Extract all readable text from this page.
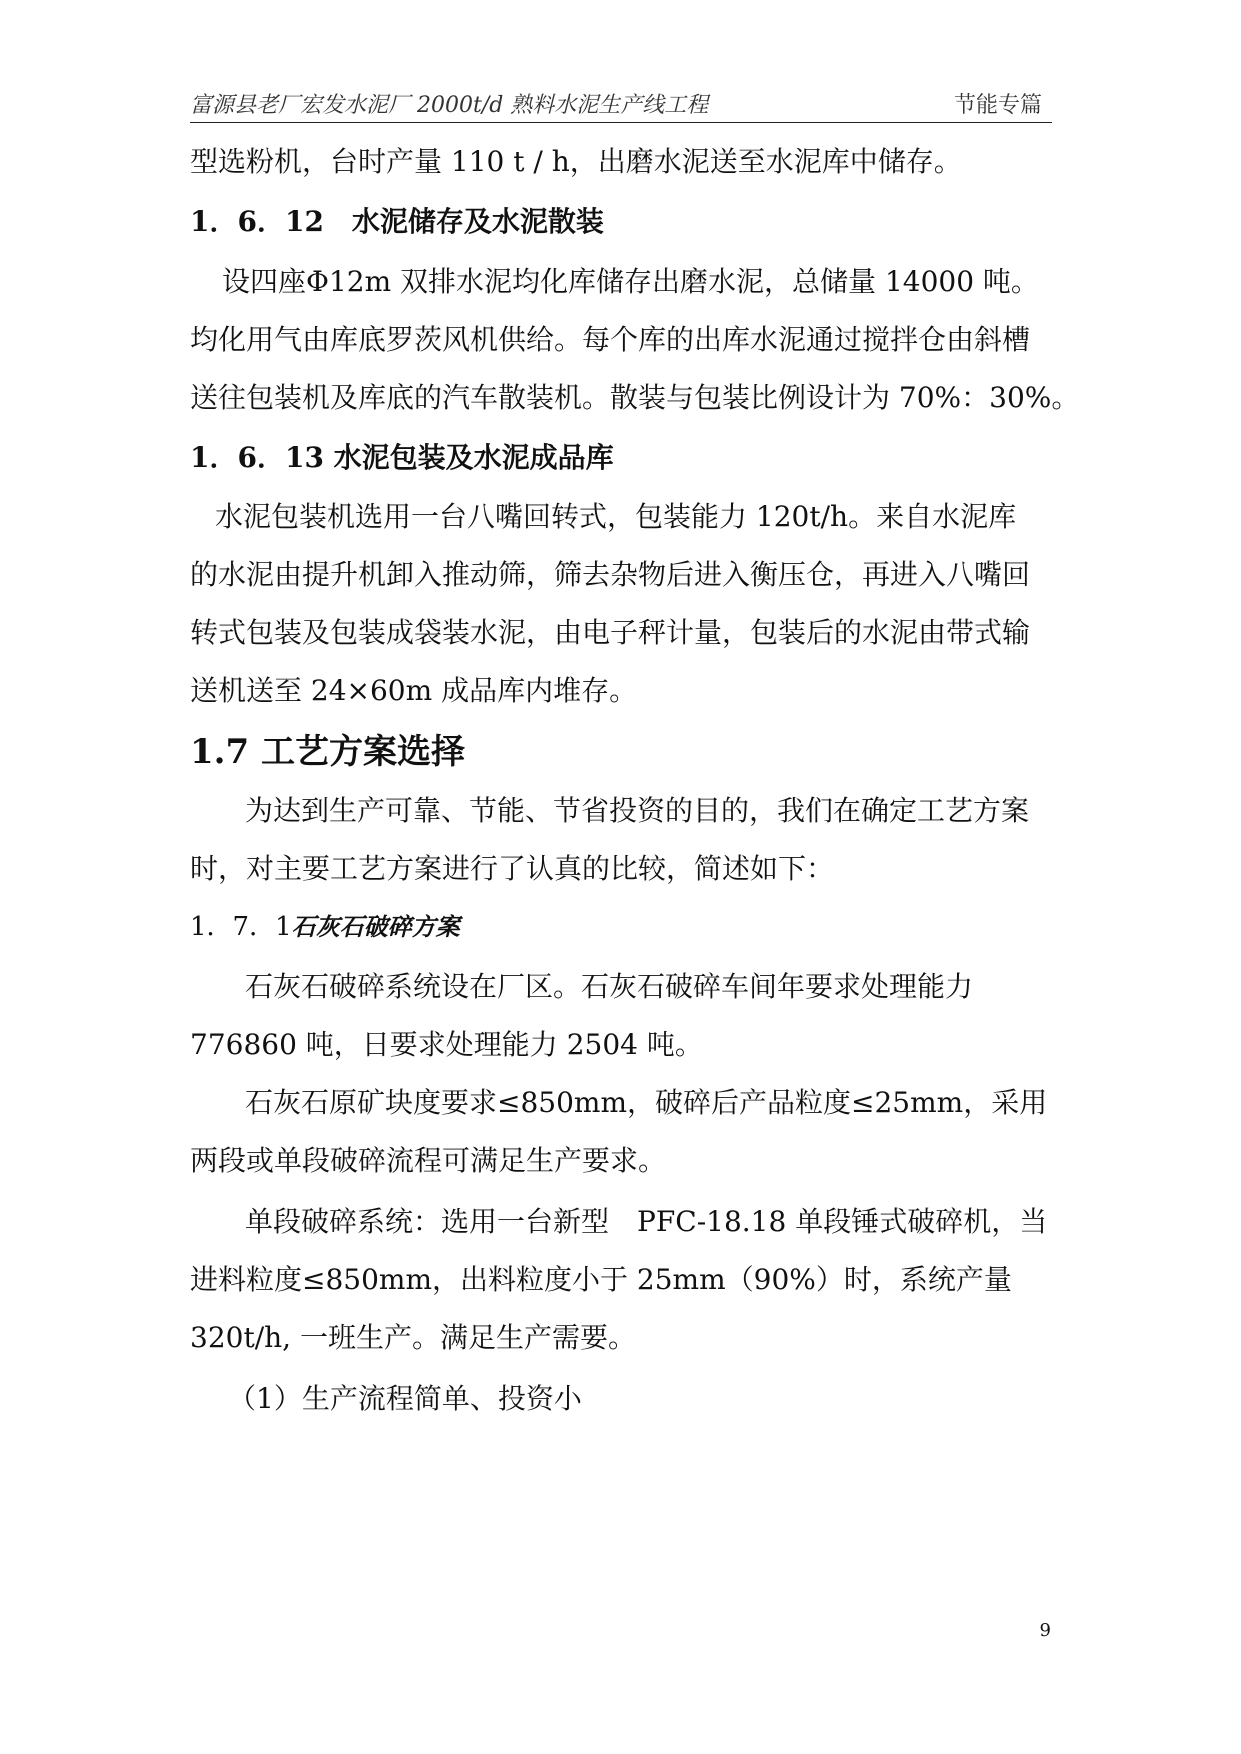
富源县老厂宏发水泥厂 2000t/d 熟料水泥生产线工程	节能专篇
型选粉机，台时产量 110 t / h，出磨水泥送至水泥库中储存。
1．6．12　水泥储存及水泥散装
设四座Φ12m 双排水泥均化库储存出磨水泥，总储量 14000 吨。
均化用气由库底罗茨风机供给。每个库的出库水泥通过搅拌仓由斜槽
送往包装机及库底的汽车散装机。散装与包装比例设计为 70%：30%。
1．6．13 水泥包装及水泥成品库
水泥包装机选用一台八嘴回转式，包装能力 120t/h。来自水泥库
的水泥由提升机卸入推动筛，筛去杂物后进入衡压仓，再进入八嘴回
转式包装及包装成袋装水泥，由电子秤计量，包装后的水泥由带式输
送机送至 24×60m 成品库内堆存。
1.7 工艺方案选择
为达到生产可靠、节能、节省投资的目的，我们在确定工艺方案
时，对主要工艺方案进行了认真的比较，简述如下：
1．7．1石灰石破碎方案
石灰石破碎系统设在厂区。石灰石破碎车间年要求处理能力
776860 吨，日要求处理能力 2504 吨。
石灰石原矿块度要求≤850mm，破碎后产品粒度≤25mm，采用
两段或单段破碎流程可满足生产要求。
单段破碎系统：选用一台新型　PFC-18.18 单段锤式破碎机，当
进料粒度≤850mm，出料粒度小于 25mm（90%）时，系统产量
320t/h, 一班生产。满足生产需要。
（1）生产流程简单、投资小
9
